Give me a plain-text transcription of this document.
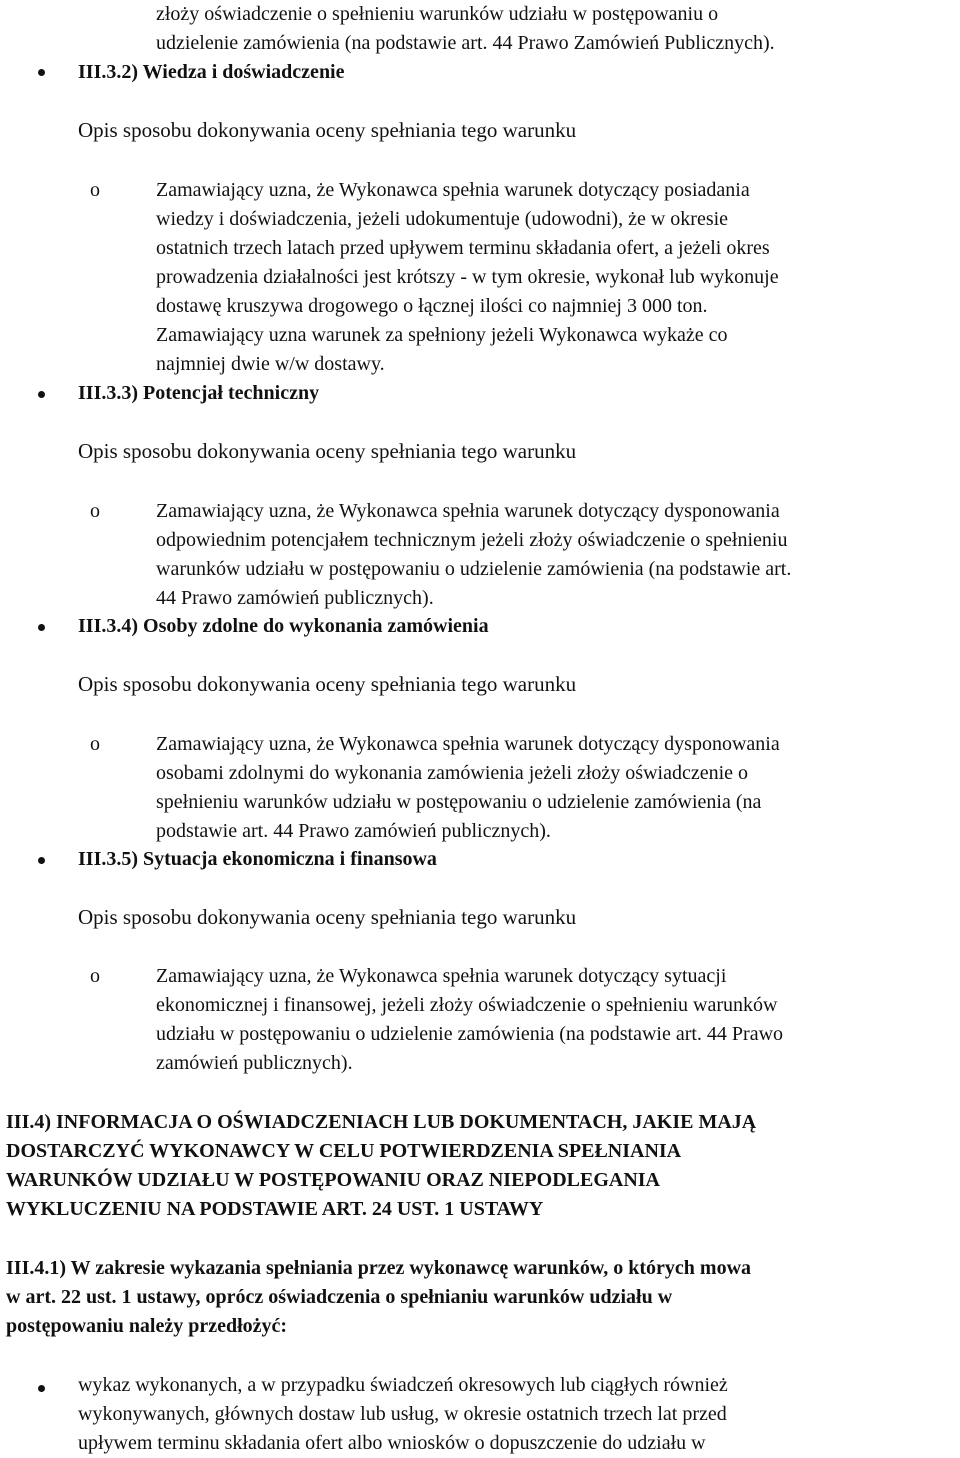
złoży oświadczenie o spełnieniu warunków udziału w postępowaniu o
udzielenie zamówienia (na podstawie art. 44 Prawo Zamówień Publicznych).
III.3.2) Wiedza i doświadczenie
Opis sposobu dokonywania oceny spełniania tego warunku
o	Zamawiający uzna, że Wykonawca spełnia warunek dotyczący posiadania
wiedzy i doświadczenia, jeżeli udokumentuje (udowodni), że w okresie
ostatnich trzech latach przed upływem terminu składania ofert, a jeżeli okres
prowadzenia działalności jest krótszy - w tym okresie, wykonał lub wykonuje
dostawę kruszywa drogowego o łącznej ilości co najmniej 3 000 ton.
Zamawiający uzna warunek za spełniony jeżeli Wykonawca wykaże co
najmniej dwie w/w dostawy.
III.3.3) Potencjał techniczny
Opis sposobu dokonywania oceny spełniania tego warunku
o	Zamawiający uzna, że Wykonawca spełnia warunek dotyczący dysponowania
odpowiednim potencjałem technicznym jeżeli złoży oświadczenie o spełnieniu
warunków udziału w postępowaniu o udzielenie zamówienia (na podstawie art.
44 Prawo zamówień publicznych).
III.3.4) Osoby zdolne do wykonania zamówienia
Opis sposobu dokonywania oceny spełniania tego warunku
o	Zamawiający uzna, że Wykonawca spełnia warunek dotyczący dysponowania
osobami zdolnymi do wykonania zamówienia jeżeli złoży oświadczenie o
spełnieniu warunków udziału w postępowaniu o udzielenie zamówienia (na
podstawie art. 44 Prawo zamówień publicznych).
III.3.5) Sytuacja ekonomiczna i finansowa
Opis sposobu dokonywania oceny spełniania tego warunku
o	Zamawiający uzna, że Wykonawca spełnia warunek dotyczący sytuacji
ekonomicznej i finansowej, jeżeli złoży oświadczenie o spełnieniu warunków
udziału w postępowaniu o udzielenie zamówienia (na podstawie art. 44 Prawo
zamówień publicznych).
III.4) INFORMACJA O OŚWIADCZENIACH LUB DOKUMENTACH, JAKIE MAJĄ
DOSTARCZYĆ WYKONAWCY W CELU POTWIERDZENIA SPEŁNIANIA
WARUNKÓW UDZIAŁU W POSTĘPOWANIU ORAZ NIEPODLEGANIA
WYKLUCZENIU NA PODSTAWIE ART. 24 UST. 1 USTAWY
III.4.1) W zakresie wykazania spełniania przez wykonawcę warunków, o których mowa
w art. 22 ust. 1 ustawy, oprócz oświadczenia o spełnianiu warunków udziału w
postępowaniu należy przedłożyć:
wykaz wykonanych, a w przypadku świadczeń okresowych lub ciągłych również
wykonywanych, głównych dostaw lub usług, w okresie ostatnich trzech lat przed
upływem terminu składania ofert albo wniosków o dopuszczenie do udziału w
